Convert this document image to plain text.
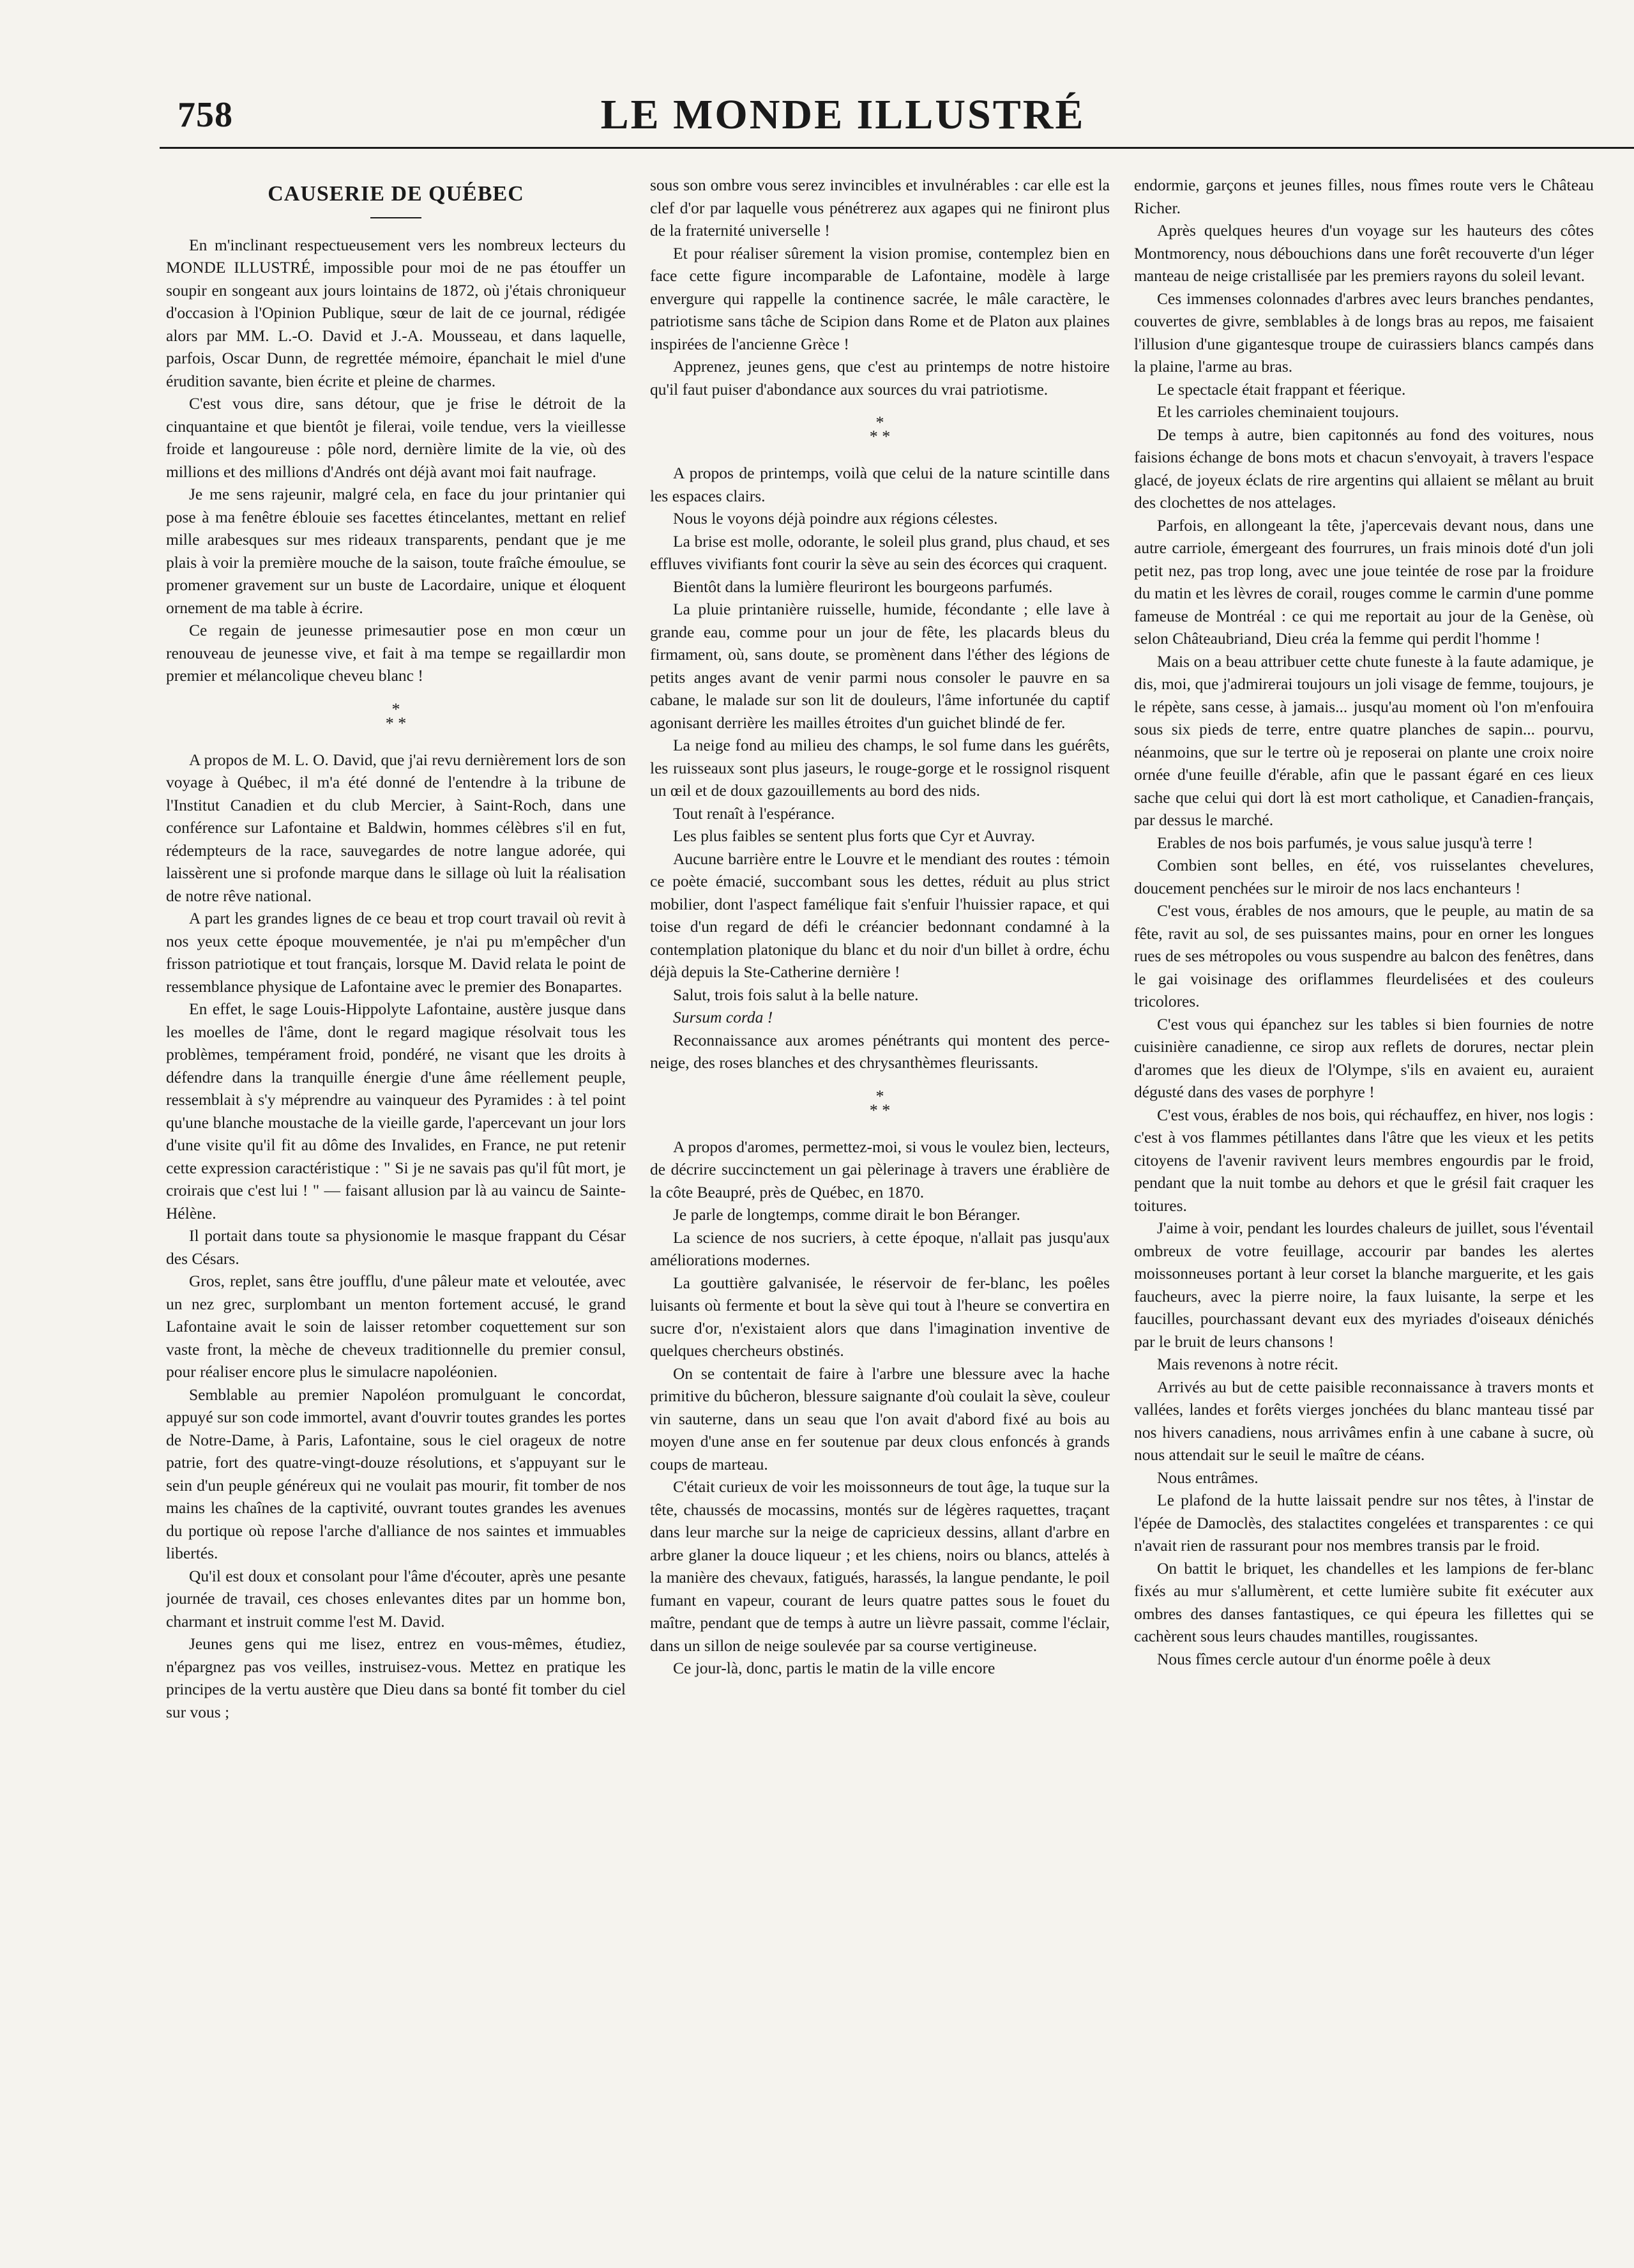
758	LE MONDE ILLUSTRÉ
CAUSERIE DE QUÉBEC

En m'inclinant respectueusement vers les nombreux lecteurs du MONDE ILLUSTRÉ, impossible pour moi de ne pas étouffer un soupir en songeant aux jours lointains de 1872, où j'étais chroniqueur d'occasion à l'Opinion Publique, sœur de lait de ce journal, rédigée alors par MM. L.-O. David et J.-A. Mousseau, et dans laquelle, parfois, Oscar Dunn, de regrettée mémoire, épanchait le miel d'une érudition savante, bien écrite et pleine de charmes.

C'est vous dire, sans détour, que je frise le détroit de la cinquantaine et que bientôt je filerai, voile tendue, vers la vieillesse froide et langoureuse : pôle nord, dernière limite de la vie, où des millions et des millions d'Andrés ont déjà avant moi fait naufrage.

Je me sens rajeunir, malgré cela, en face du jour printanier qui pose à ma fenêtre éblouie ses facettes étincelantes, mettant en relief mille arabesques sur mes rideaux transparents, pendant que je me plais à voir la première mouche de la saison, toute fraîche émoulue, se promener gravement sur un buste de Lacordaire, unique et éloquent ornement de ma table à écrire.

Ce regain de jeunesse primesautier pose en mon cœur un renouveau de jeunesse vive, et fait à ma tempe se regaillardir mon premier et mélancolique cheveu blanc !

*
* *

A propos de M. L. O. David, que j'ai revu dernièrement lors de son voyage à Québec, il m'a été donné de l'entendre à la tribune de l'Institut Canadien et du club Mercier, à Saint-Roch, dans une conférence sur Lafontaine et Baldwin, hommes célèbres s'il en fut, rédempteurs de la race, sauvegardes de notre langue adorée, qui laissèrent une si profonde marque dans le sillage où luit la réalisation de notre rêve national.

A part les grandes lignes de ce beau et trop court travail où revit à nos yeux cette époque mouvementée, je n'ai pu m'empêcher d'un frisson patriotique et tout français, lorsque M. David relata le point de ressemblance physique de Lafontaine avec le premier des Bonapartes.

En effet, le sage Louis-Hippolyte Lafontaine, austère jusque dans les moelles de l'âme, dont le regard magique résolvait tous les problèmes, tempérament froid, pondéré, ne visant que les droits à défendre dans la tranquille énergie d'une âme réellement peuple, ressemblait à s'y méprendre au vainqueur des Pyramides : à tel point qu'une blanche moustache de la vieille garde, l'apercevant un jour lors d'une visite qu'il fit au dôme des Invalides, en France, ne put retenir cette expression caractéristique : " Si je ne savais pas qu'il fût mort, je croirais que c'est lui ! " — faisant allusion par là au vaincu de Sainte-Hélène.

Il portait dans toute sa physionomie le masque frappant du César des Césars.

Gros, replet, sans être joufflu, d'une pâleur mate et veloutée, avec un nez grec, surplombant un menton fortement accusé, le grand Lafontaine avait le soin de laisser retomber coquettement sur son vaste front, la mèche de cheveux traditionnelle du premier consul, pour réaliser encore plus le simulacre napoléonien.

Semblable au premier Napoléon promulguant le concordat, appuyé sur son code immortel, avant d'ouvrir toutes grandes les portes de Notre-Dame, à Paris, Lafontaine, sous le ciel orageux de notre patrie, fort des quatre-vingt-douze résolutions, et s'appuyant sur le sein d'un peuple généreux qui ne voulait pas mourir, fit tomber de nos mains les chaînes de la captivité, ouvrant toutes grandes les avenues du portique où repose l'arche d'alliance de nos saintes et immuables libertés.

Qu'il est doux et consolant pour l'âme d'écouter, après une pesante journée de travail, ces choses enlevantes dites par un homme bon, charmant et instruit comme l'est M. David.

Jeunes gens qui me lisez, entrez en vous-mêmes, étudiez, n'épargnez pas vos veilles, instruisez-vous. Mettez en pratique les principes de la vertu austère que Dieu dans sa bonté fit tomber du ciel sur vous ;

sous son ombre vous serez invincibles et invulnérables : car elle est la clef d'or par laquelle vous pénétrerez aux agapes qui ne finiront plus de la fraternité universelle !

Et pour réaliser sûrement la vision promise, contemplez bien en face cette figure incomparable de Lafontaine, modèle à large envergure qui rappelle la continence sacrée, le mâle caractère, le patriotisme sans tâche de Scipion dans Rome et de Platon aux plaines inspirées de l'ancienne Grèce !

Apprenez, jeunes gens, que c'est au printemps de notre histoire qu'il faut puiser d'abondance aux sources du vrai patriotisme.

*
* *

A propos de printemps, voilà que celui de la nature scintille dans les espaces clairs.

Nous le voyons déjà poindre aux régions célestes.

La brise est molle, odorante, le soleil plus grand, plus chaud, et ses effluves vivifiants font courir la sève au sein des écorces qui craquent.

Bientôt dans la lumière fleuriront les bourgeons parfumés.

La pluie printanière ruisselle, humide, fécondante ; elle lave à grande eau, comme pour un jour de fête, les placards bleus du firmament, où, sans doute, se promènent dans l'éther des légions de petits anges avant de venir parmi nous consoler le pauvre en sa cabane, le malade sur son lit de douleurs, l'âme infortunée du captif agonisant derrière les mailles étroites d'un guichet blindé de fer.

La neige fond au milieu des champs, le sol fume dans les guérêts, les ruisseaux sont plus jaseurs, le rouge-gorge et le rossignol risquent un œil et de doux gazouillements au bord des nids.

Tout renaît à l'espérance.

Les plus faibles se sentent plus forts que Cyr et Auvray.

Aucune barrière entre le Louvre et le mendiant des routes : témoin ce poète émacié, succombant sous les dettes, réduit au plus strict mobilier, dont l'aspect famélique fait s'enfuir l'huissier rapace, et qui toise d'un regard de défi le créancier bedonnant condamné à la contemplation platonique du blanc et du noir d'un billet à ordre, échu déjà depuis la Ste-Catherine dernière !

Salut, trois fois salut à la belle nature.

Sursum corda !

Reconnaissance aux aromes pénétrants qui montent des perce-neige, des roses blanches et des chrysanthèmes fleurissants.

*
* *

A propos d'aromes, permettez-moi, si vous le voulez bien, lecteurs, de décrire succinctement un gai pèlerinage à travers une érablière de la côte Beaupré, près de Québec, en 1870.

Je parle de longtemps, comme dirait le bon Béranger.

La science de nos sucriers, à cette époque, n'allait pas jusqu'aux améliorations modernes.

La gouttière galvanisée, le réservoir de fer-blanc, les poêles luisants où fermente et bout la sève qui tout à l'heure se convertira en sucre d'or, n'existaient alors que dans l'imagination inventive de quelques chercheurs obstinés.

On se contentait de faire à l'arbre une blessure avec la hache primitive du bûcheron, blessure saignante d'où coulait la sève, couleur vin sauterne, dans un seau que l'on avait d'abord fixé au bois au moyen d'une anse en fer soutenue par deux clous enfoncés à grands coups de marteau.

C'était curieux de voir les moissonneurs de tout âge, la tuque sur la tête, chaussés de mocassins, montés sur de légères raquettes, traçant dans leur marche sur la neige de capricieux dessins, allant d'arbre en arbre glaner la douce liqueur ; et les chiens, noirs ou blancs, attelés à la manière des chevaux, fatigués, harassés, la langue pendante, le poil fumant en vapeur, courant de leurs quatre pattes sous le fouet du maître, pendant que de temps à autre un lièvre passait, comme l'éclair, dans un sillon de neige soulevée par sa course vertigineuse.

Ce jour-là, donc, partis le matin de la ville encore

endormie, garçons et jeunes filles, nous fîmes route vers le Château Richer.

Après quelques heures d'un voyage sur les hauteurs des côtes Montmorency, nous débouchions dans une forêt recouverte d'un léger manteau de neige cristallisée par les premiers rayons du soleil levant.

Ces immenses colonnades d'arbres avec leurs branches pendantes, couvertes de givre, semblables à de longs bras au repos, me faisaient l'illusion d'une gigantesque troupe de cuirassiers blancs campés dans la plaine, l'arme au bras.

Le spectacle était frappant et féerique.

Et les carrioles cheminaient toujours.

De temps à autre, bien capitonnés au fond des voitures, nous faisions échange de bons mots et chacun s'envoyait, à travers l'espace glacé, de joyeux éclats de rire argentins qui allaient se mêlant au bruit des clochettes de nos attelages.

Parfois, en allongeant la tête, j'apercevais devant nous, dans une autre carriole, émergeant des fourrures, un frais minois doté d'un joli petit nez, pas trop long, avec une joue teintée de rose par la froidure du matin et les lèvres de corail, rouges comme le carmin d'une pomme fameuse de Montréal : ce qui me reportait au jour de la Genèse, où selon Châteaubriand, Dieu créa la femme qui perdit l'homme !

Mais on a beau attribuer cette chute funeste à la faute adamique, je dis, moi, que j'admirerai toujours un joli visage de femme, toujours, je le répète, sans cesse, à jamais... jusqu'au moment où l'on m'enfouira sous six pieds de terre, entre quatre planches de sapin... pourvu, néanmoins, que sur le tertre où je reposerai on plante une croix noire ornée d'une feuille d'érable, afin que le passant égaré en ces lieux sache que celui qui dort là est mort catholique, et Canadien-français, par dessus le marché.

Erables de nos bois parfumés, je vous salue jusqu'à terre !

Combien sont belles, en été, vos ruisselantes chevelures, doucement penchées sur le miroir de nos lacs enchanteurs !

C'est vous, érables de nos amours, que le peuple, au matin de sa fête, ravit au sol, de ses puissantes mains, pour en orner les longues rues de ses métropoles ou vous suspendre au balcon des fenêtres, dans le gai voisinage des oriflammes fleurdelisées et des couleurs tricolores.

C'est vous qui épanchez sur les tables si bien fournies de notre cuisinière canadienne, ce sirop aux reflets de dorures, nectar plein d'aromes que les dieux de l'Olympe, s'ils en avaient eu, auraient dégusté dans des vases de porphyre !

C'est vous, érables de nos bois, qui réchauffez, en hiver, nos logis : c'est à vos flammes pétillantes dans l'âtre que les vieux et les petits citoyens de l'avenir ravivent leurs membres engourdis par le froid, pendant que la nuit tombe au dehors et que le grésil fait craquer les toitures.

J'aime à voir, pendant les lourdes chaleurs de juillet, sous l'éventail ombreux de votre feuillage, accourir par bandes les alertes moissonneuses portant à leur corset la blanche marguerite, et les gais faucheurs, avec la pierre noire, la faux luisante, la serpe et les faucilles, pourchassant devant eux des myriades d'oiseaux dénichés par le bruit de leurs chansons !

Mais revenons à notre récit.

Arrivés au but de cette paisible reconnaissance à travers monts et vallées, landes et forêts vierges jonchées du blanc manteau tissé par nos hivers canadiens, nous arrivâmes enfin à une cabane à sucre, où nous attendait sur le seuil le maître de céans.

Nous entrâmes.

Le plafond de la hutte laissait pendre sur nos têtes, à l'instar de l'épée de Damoclès, des stalactites congelées et transparentes : ce qui n'avait rien de rassurant pour nos membres transis par le froid.

On battit le briquet, les chandelles et les lampions de fer-blanc fixés au mur s'allumèrent, et cette lumière subite fit exécuter aux ombres des danses fantastiques, ce qui épeura les fillettes qui se cachèrent sous leurs chaudes mantilles, rougissantes.

Nous fîmes cercle autour d'un énorme poêle à deux
